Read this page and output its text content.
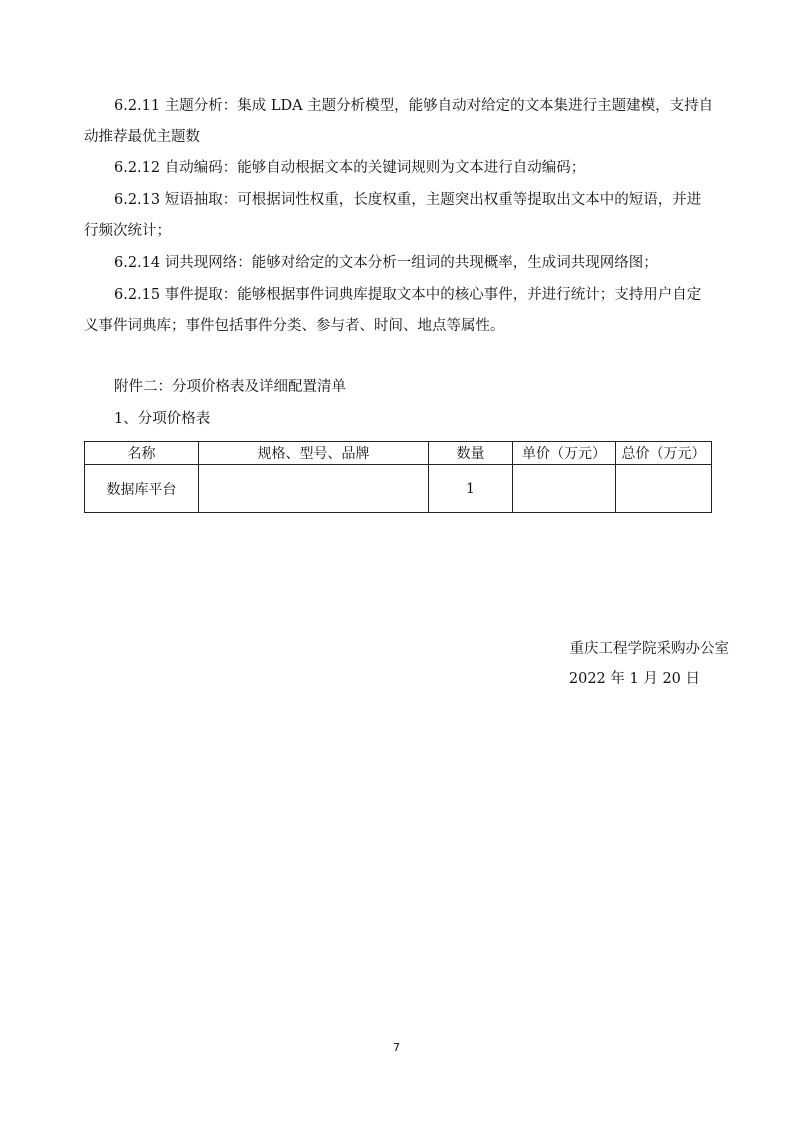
6.2.11 主题分析：集成 LDA 主题分析模型，能够自动对给定的文本集进行主题建模，支持自
动推荐最优主题数
6.2.12 自动编码：能够自动根据文本的关键词规则为文本进行自动编码；
6.2.13 短语抽取：可根据词性权重，长度权重，主题突出权重等提取出文本中的短语，并进
行频次统计；
6.2.14 词共现网络：能够对给定的文本分析一组词的共现概率，生成词共现网络图；
6.2.15 事件提取：能够根据事件词典库提取文本中的核心事件，并进行统计；支持用户自定
义事件词典库；事件包括事件分类、参与者、时间、地点等属性。
附件二：分项价格表及详细配置清单
1、分项价格表
名称	规格、型号、品牌	数量	单价（万元）	总价（万元）
数据库平台		1		
重庆工程学院采购办公室
2022 年 1 月 20 日
7
